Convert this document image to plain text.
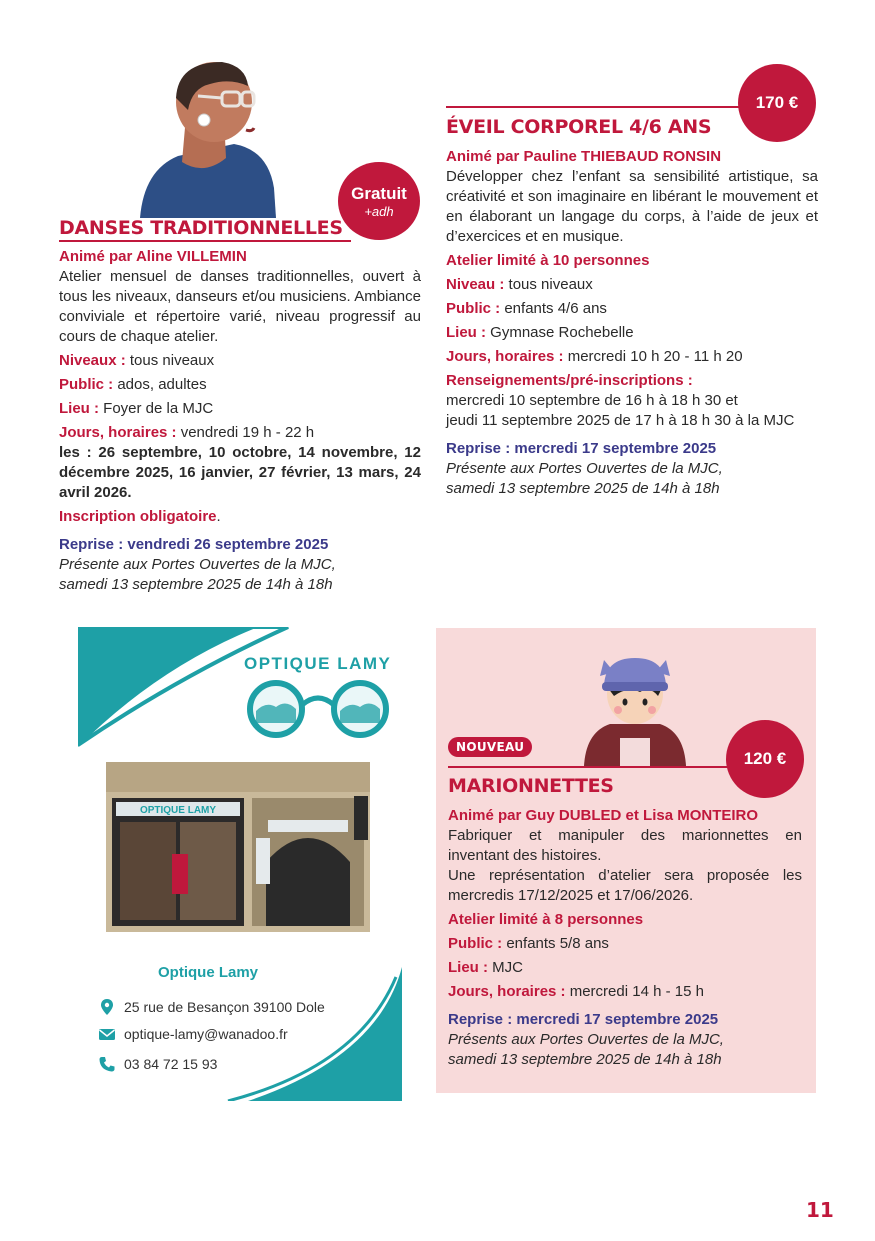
Gratuit
+adh
DANSES TRADITIONNELLES

Animé par Aline VILLEMIN

Atelier mensuel de danses traditionnelles, ouvert à tous les niveaux, danseurs et/ou musiciens. Ambiance conviviale et répertoire varié, niveau progressif au cours de chaque atelier.

Niveaux : tous niveaux

Public : ados, adultes

Lieu : Foyer de la MJC

Jours, horaires : vendredi 19 h - 22 h

les : 26 septembre, 10 octobre, 14 novembre, 12 décembre 2025, 16 janvier, 27 février, 13 mars, 24 avril 2026.

Inscription obligatoire.

Reprise : vendredi 26 septembre 2025

Présente aux Portes Ouvertes de la MJC,

samedi 13 septembre 2025 de 14h à 18h

170 €
ÉVEIL CORPOREL 4/6 ANS

Animé par Pauline THIEBAUD RONSIN

Développer chez l’enfant sa sensibilité artistique, sa créativité et son imaginaire en libérant le mouvement et en élaborant un langage du corps, à l’aide de jeux et d’exercices et en musique.

Atelier limité à 10 personnes

Niveau : tous niveaux

Public : enfants 4/6 ans

Lieu : Gymnase Rochebelle

Jours, horaires : mercredi 10 h 20 - 11 h 20

Renseignements/pré-inscriptions :

mercredi 10 septembre de 16 h à 18 h 30 et

jeudi 11 septembre 2025 de 17 h à 18 h 30 à la MJC

Reprise : mercredi 17 septembre 2025

Présente aux Portes Ouvertes de la MJC,

samedi 13 septembre 2025 de 14h à 18h

OPTIQUE LAMY
OPTIQUE LAMY
Optique Lamy
25 rue de Besançon 39100 Dole
optique-lamy@wanadoo.fr
03 84 72 15 93
NOUVEAU
120 €
MARIONNETTES

Animé par Guy DUBLED et Lisa MONTEIRO

Fabriquer et manipuler des marionnettes en inventant des histoires.

Une représentation d’atelier sera proposée les mercredis 17/12/2025 et 17/06/2026.

Atelier limité à 8 personnes

Public : enfants 5/8 ans

Lieu : MJC

Jours, horaires : mercredi 14 h - 15 h

Reprise : mercredi 17 septembre 2025

Présents aux Portes Ouvertes de la MJC,

samedi 13 septembre 2025 de 14h à 18h

11
